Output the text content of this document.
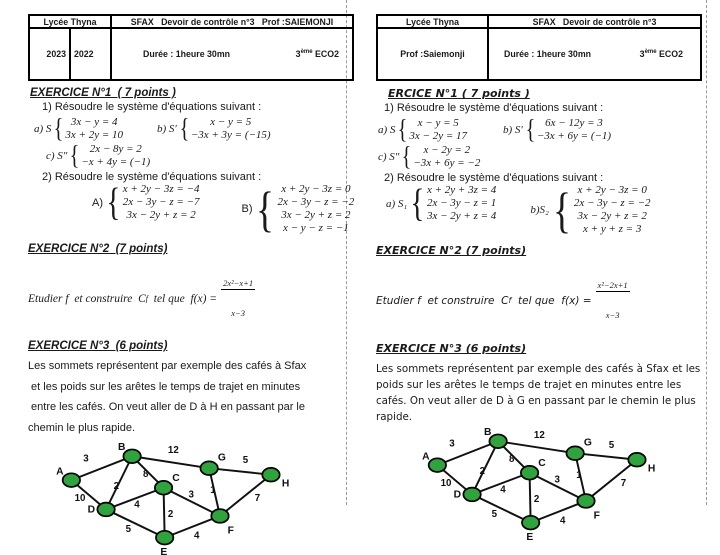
Lycée Thyna		SFAX   Devoir de contrôle n°3   Prof :SAIEMONJI
2023	2022	Durée : 1heure 30mn 3ème ECO2

EXERCICE N°1  ( 7 points )
1) Résoudre le système d'équations suivant :
a) S { 3x − y = 4
3x + 2y = 10	b) S′ {	x − y = 5
−3x + 3y = (−15)
c) S″ { 2x − 8y = 2
−x + 4y = (−1)
2) Résoudre le système d'équations suivant :
A) { x + 2y − 3z = −4
2x − 3y − z = −7
3x − 2y + z = 2	B) { x + 2y − 3z = 0
2x − 3y − z = −2
3x − 2y + z = 2
x − y − z = −1
EXERCICE N°2  (7 points)
Etudier f  et construire  C f tel que  f(x) =

$\frac{\text{2x²−x+1}}{x-3}$

EXERCICE N°3  (6 points)
Les sommets représentent par exemple des cafés à Sfax
et les poids sur les arêtes le temps de trajet en minutes
entre les cafés. On veut aller de D à H en passant par le
chemin le plus rapide.
3
10
2
8
12
4
2
3
5
4
1
7
5
A
B
C
D
E
F
G
H
Lycée Thyna	SFAX   Devoir de contrôle n°3
Prof :Saiemonji	Durée : 1heure 30mn 3ème ECO2

ERCICE N°1 ( 7 points )
1) Résoudre le système d'équations suivant :
a) S { x − y = 5
3x − 2y = 17	b) S′ { 6x − 12y = 3
−3x + 6y = (−1)
c) S″ {	x − 2y = 2
−3x + 6y = −2
2) Résoudre le système d'équations suivant :
a) S₁ { x + 2y + 3z = 4
2x − 3y − z = 1
3x − 2y + z = 4	b)S₂ { x + 2y − 3z = 0
2x − 3y − z = −2
3x − 2y + z = 2
x + y + z = 3
EXERCICE N°2 (7 points)
Etudier f  et construire  C f tel que  f(x) =

$\frac{\text{x²−2x+1}}{x-3}$

EXERCICE N°3 (6 points)
Les sommets représentent par exemple des cafés à Sfax et les
poids sur les arêtes le temps de trajet en minutes entre les
cafés. On veut aller de D à G en passant par le chemin le plus
rapide.
3
10
2
8
12
4
2
3
5
4
1
7
5
A
B
C
D
E
F
G
H
